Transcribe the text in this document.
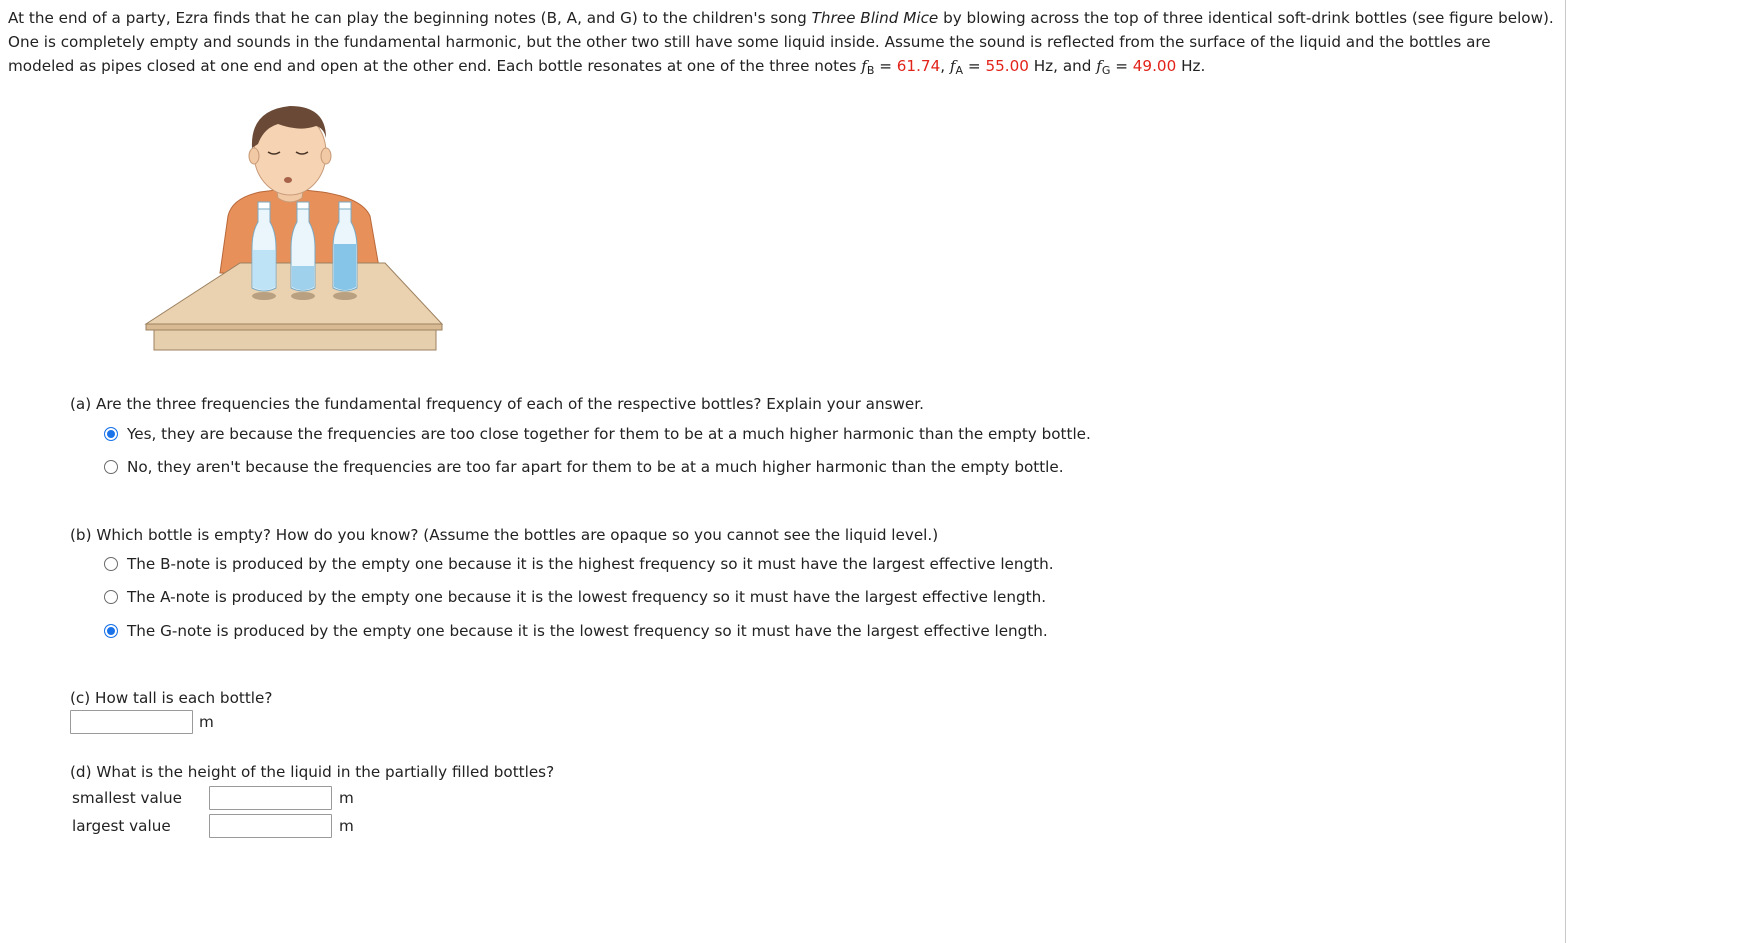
At the end of a party, Ezra finds that he can play the beginning notes (B, A, and G) to the children's song Three Blind Mice by blowing across the top of three identical soft-drink bottles (see figure below). One is completely empty and sounds in the fundamental harmonic, but the other two still have some liquid inside. Assume the sound is reflected from the surface of the liquid and the bottles are modeled as pipes closed at one end and open at the other end. Each bottle resonates at one of the three notes $f_B = 61.74$, $f_A = 55.00$ Hz, and $f_G = 49.00$ Hz.
(a) Are the three frequencies the fundamental frequency of each of the respective bottles? Explain your answer.
Yes, they are because the frequencies are too close together for them to be at a much higher harmonic than the empty bottle.
No, they aren't because the frequencies are too far apart for them to be at a much higher harmonic than the empty bottle.
(b) Which bottle is empty? How do you know? (Assume the bottles are opaque so you cannot see the liquid level.)
The B-note is produced by the empty one because it is the highest frequency so it must have the largest effective length.
The A-note is produced by the empty one because it is the lowest frequency so it must have the largest effective length.
The G-note is produced by the empty one because it is the lowest frequency so it must have the largest effective length.
(c) How tall is each bottle?
m
(d) What is the height of the liquid in the partially filled bottles?
smallest value	m
largest value	m
